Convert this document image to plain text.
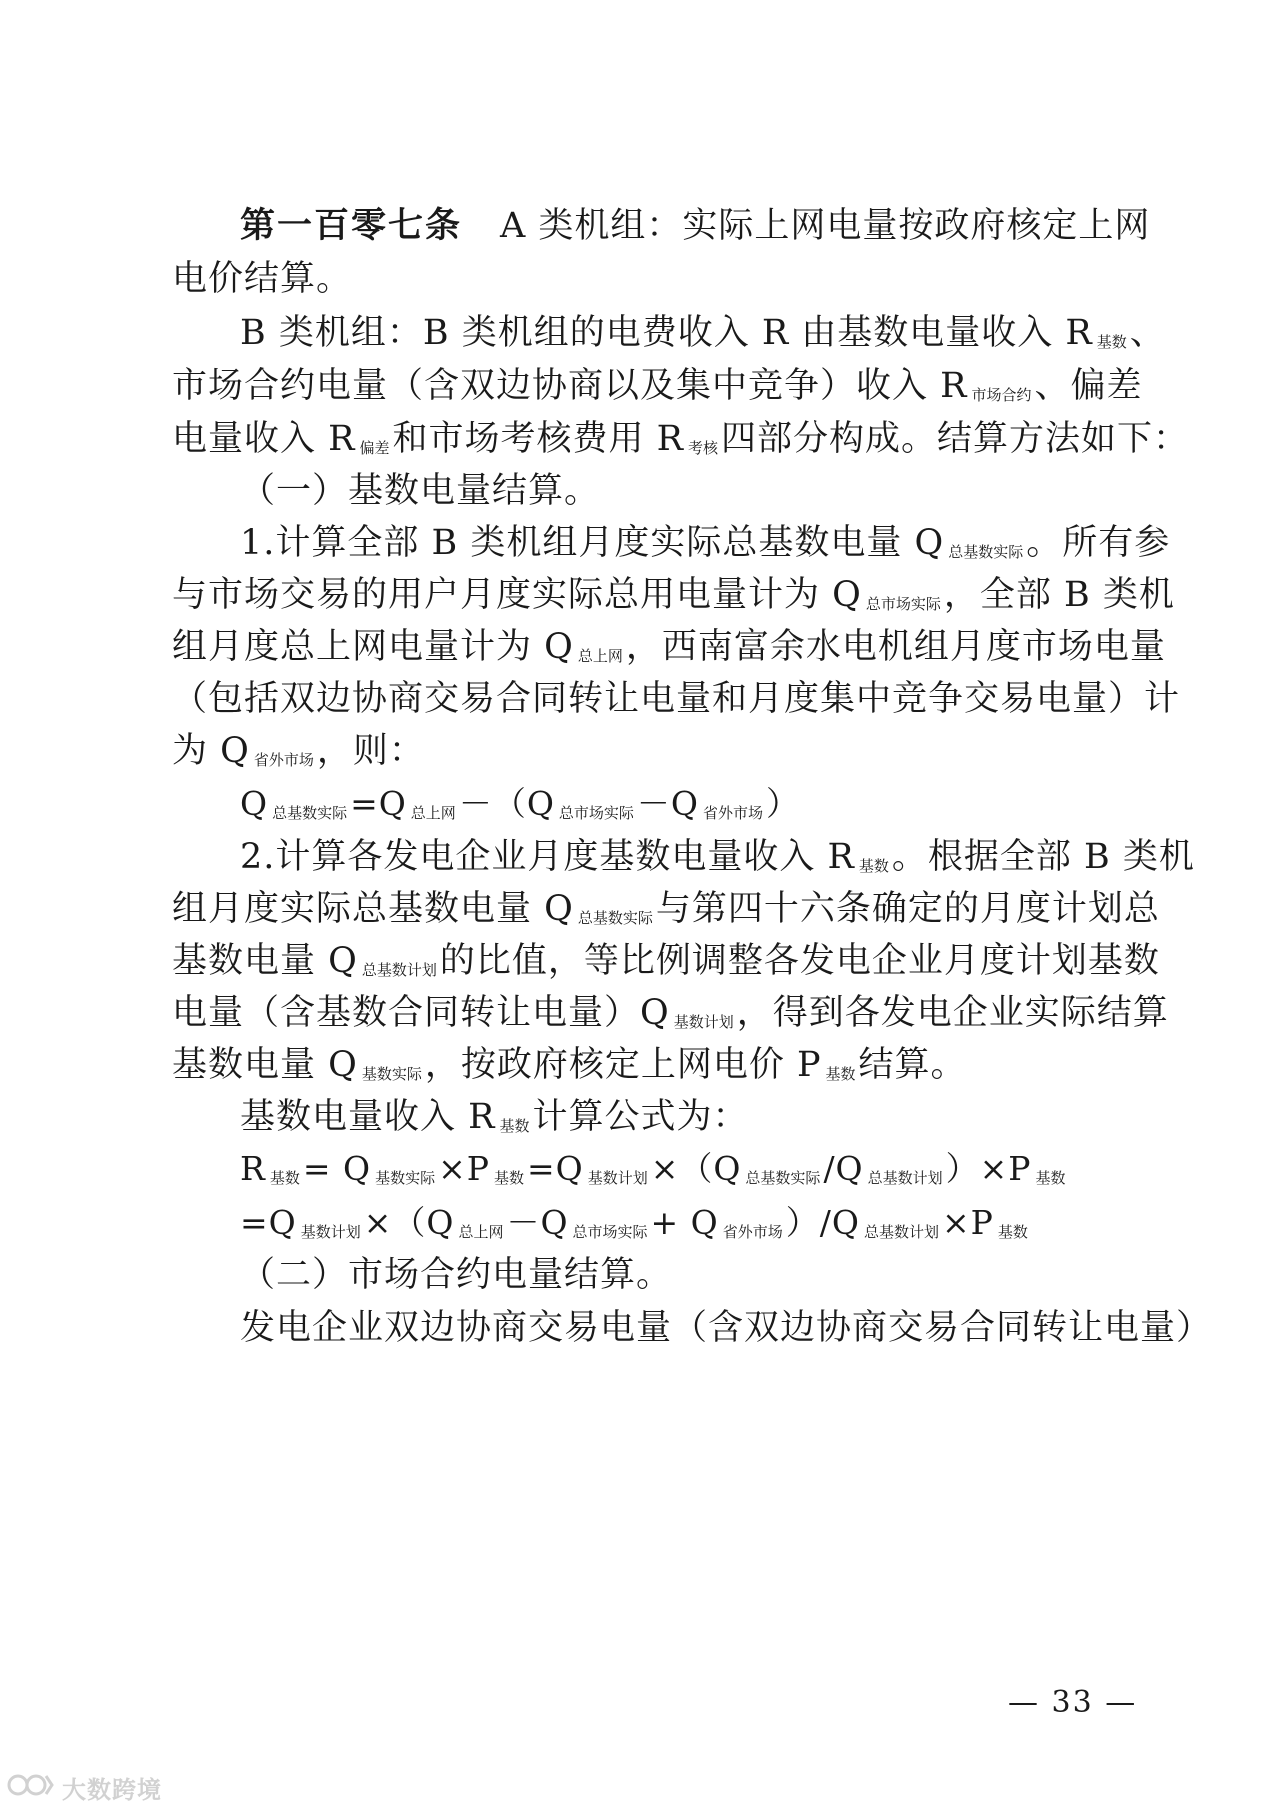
第一百零七条 A 类机组：实际上网电量按政府核定上网
电价结算。
B 类机组：B 类机组的电费收入 R 由基数电量收入 R $_{基数}$、
市场合约电量（含双边协商以及集中竞争）收入 R $_{市场合约}$、偏差
电量收入 R $_{偏差}$和市场考核费用 R $_{考核}$四部分构成。结算方法如下：
（一）基数电量结算。
1.计算全部 B 类机组月度实际总基数电量 Q $_{总基数实际}$。所有参
与市场交易的用户月度实际总用电量计为 Q $_{总市场实际}$，全部 B 类机
组月度总上网电量计为 Q $_{总上网}$，西南富余水电机组月度市场电量
（包括双边协商交易合同转让电量和月度集中竞争交易电量）计
为 Q $_{省外市场}$，则：
Q $_{总基数实际}$=Q $_{总上网}$－（Q $_{总市场实际}$－Q $_{省外市场}$）
2.计算各发电企业月度基数电量收入 R $_{基数}$。根据全部 B 类机
组月度实际总基数电量 Q $_{总基数实际}$与第四十六条确定的月度计划总
基数电量 Q $_{总基数计划}$的比值，等比例调整各发电企业月度计划基数
电量（含基数合同转让电量）Q $_{基数计划}$，得到各发电企业实际结算
基数电量 Q $_{基数实际}$，按政府核定上网电价 P $_{基数}$结算。
基数电量收入 R $_{基数}$计算公式为：
R $_{基数}$= Q $_{基数实际}$×P $_{基数}$=Q $_{基数计划}$×（Q $_{总基数实际}$/Q $_{总基数计划}$）×P $_{基数}$
=Q $_{基数计划}$×（Q $_{总上网}$－Q $_{总市场实际}$+ Q $_{省外市场}$）/Q $_{总基数计划}$×P $_{基数}$
（二）市场合约电量结算。
发电企业双边协商交易电量（含双边协商交易合同转让电量）
— 33 —
大数跨境
